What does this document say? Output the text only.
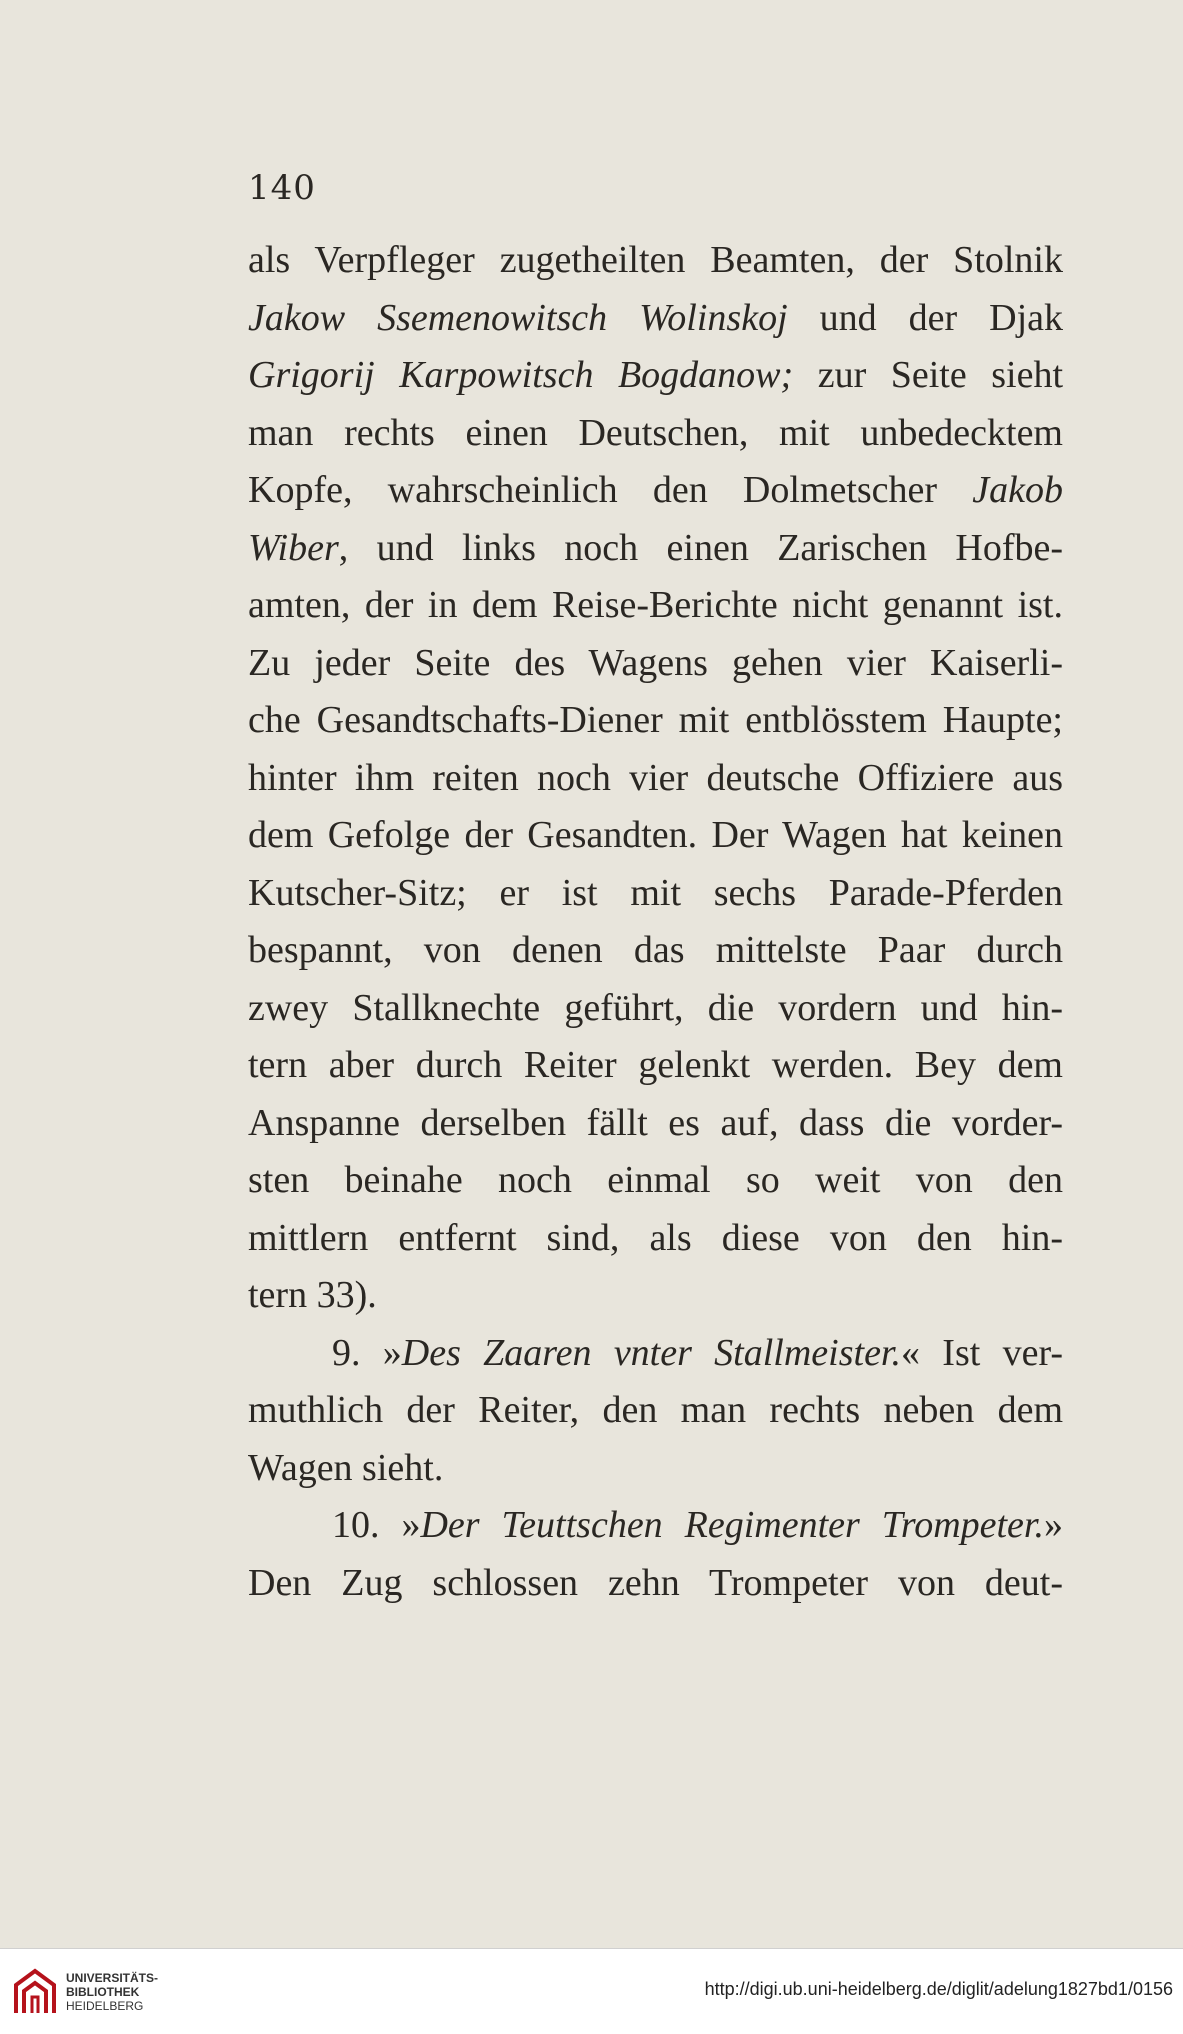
140
als Verpfleger zugetheilten Beamten, der Stolnik
Jakow Ssemenowitsch Wolinskoj und der Djak
Grigorij Karpowitsch Bogdanow; zur Seite sieht
man rechts einen Deutschen, mit unbedecktem
Kopfe, wahrscheinlich den Dolmetscher Jakob
Wiber, und links noch einen Zarischen Hofbe-
amten, der in dem Reise-Berichte nicht genannt ist.
Zu jeder Seite des Wagens gehen vier Kaiserli-
che Gesandtschafts-Diener mit entblösstem Haupte;
hinter ihm reiten noch vier deutsche Offiziere aus
dem Gefolge der Gesandten. Der Wagen hat keinen
Kutscher-Sitz; er ist mit sechs Parade-Pferden
bespannt, von denen das mittelste Paar durch
zwey Stallknechte geführt, die vordern und hin-
tern aber durch Reiter gelenkt werden. Bey dem
Anspanne derselben fällt es auf, dass die vorder-
sten beinahe noch einmal so weit von den
mittlern entfernt sind, als diese von den hin-
tern 33).
9. »Des Zaaren vnter Stallmeister.« Ist ver-
muthlich der Reiter, den man rechts neben dem
Wagen sieht.
10. »Der Teuttschen Regimenter Trompeter.»
Den Zug schlossen zehn Trompeter von deut-
UNIVERSITÄTS-
BIBLIOTHEK
HEIDELBERG
http://digi.ub.uni-heidelberg.de/diglit/adelung1827bd1/0156
